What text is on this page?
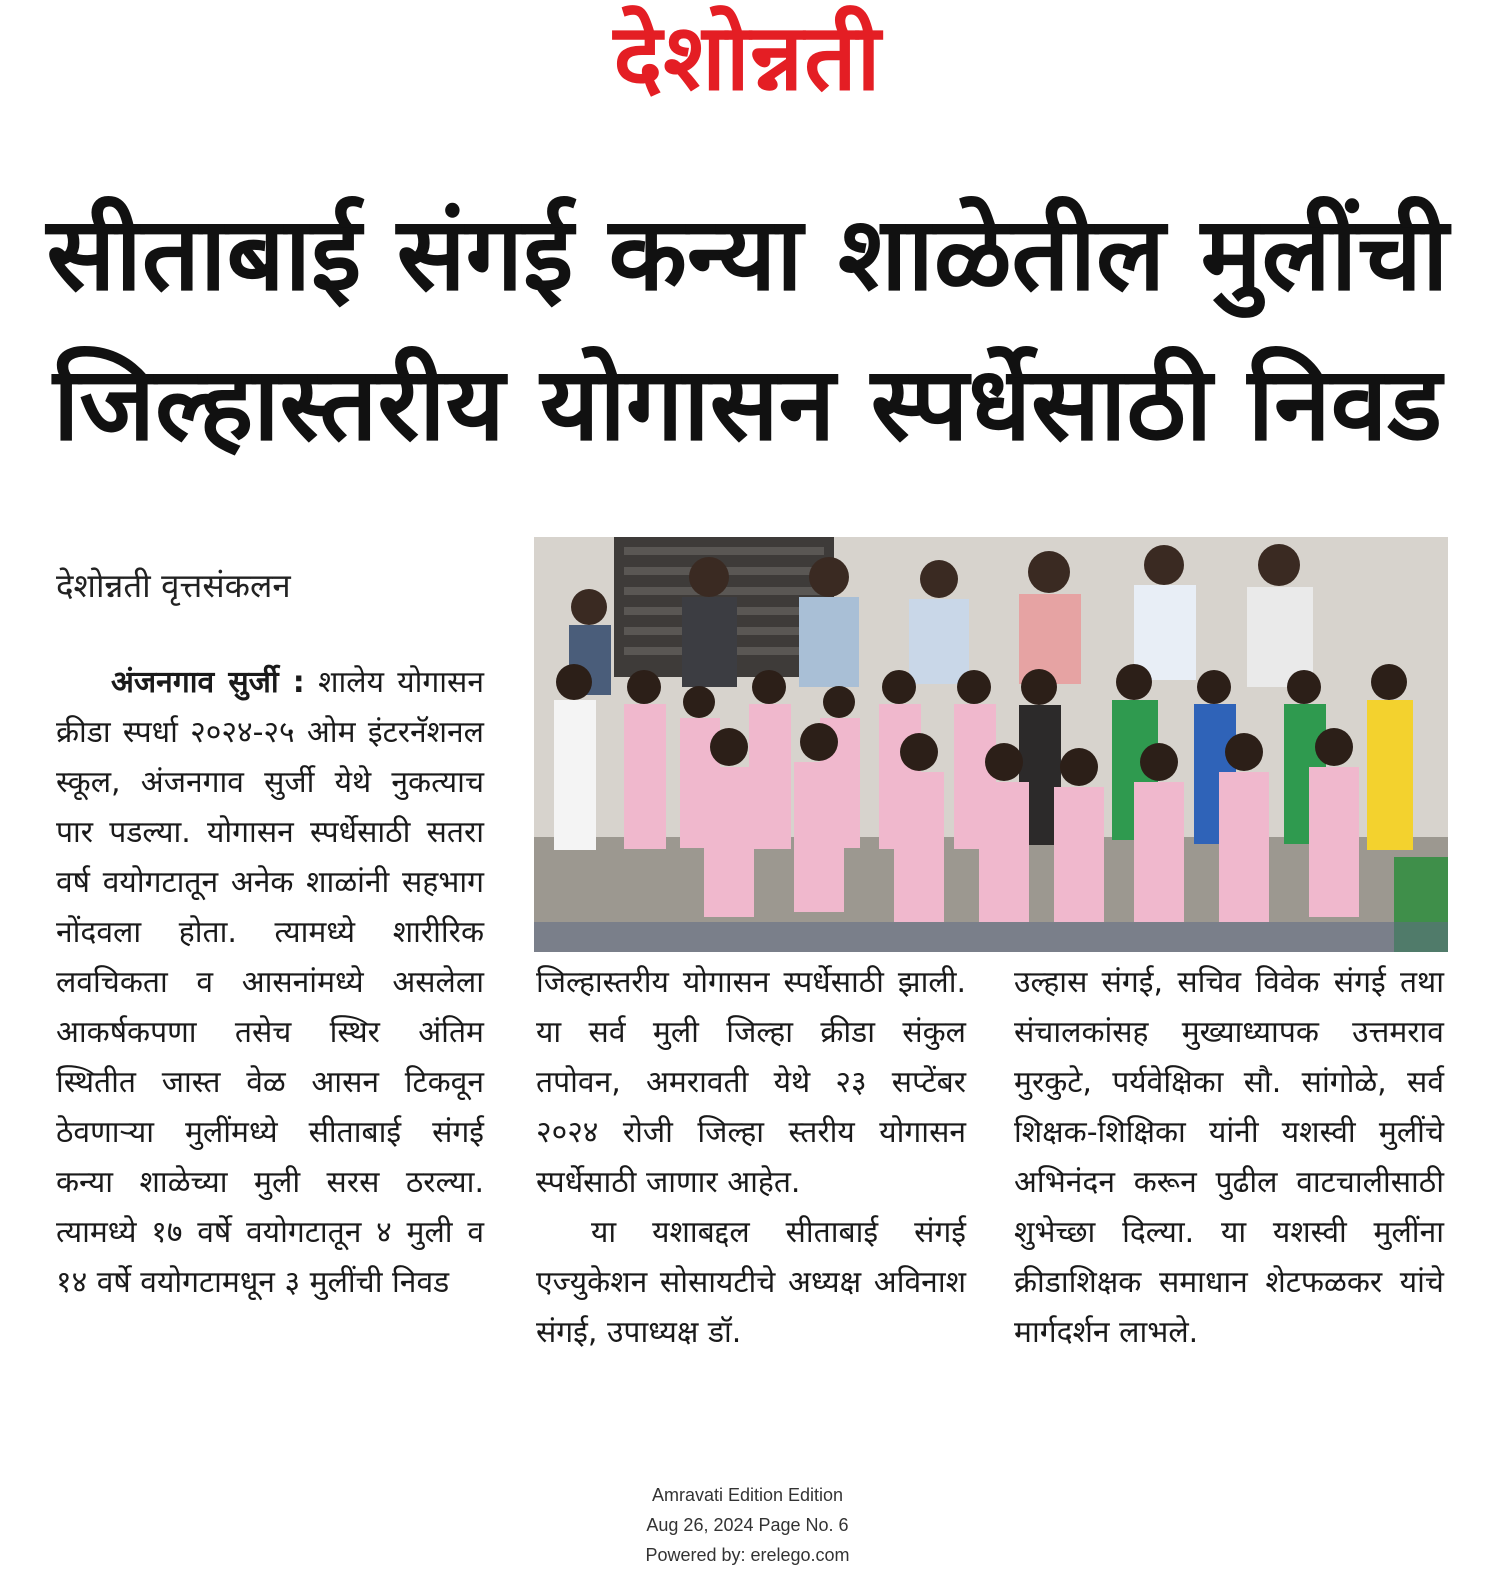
देशोन्नती
सीताबाई संगई कन्या शाळेतील मुलींची
जिल्हास्तरीय योगासन स्पर्धेसाठी निवड
देशोन्नती वृत्तसंकलन

अंजनगाव सुर्जी : शालेय योगासन क्रीडा स्पर्धा २०२४-२५ ओम इंटरनॅशनल स्कूल, अंजनगाव सुर्जी येथे नुकत्याच पार पडल्या. योगासन स्पर्धेसाठी सतरा वर्ष वयोगटातून अनेक शाळांनी सहभाग नोंदवला होता. त्यामध्ये शारीरिक लवचिकता व आसनांमध्ये असलेला आकर्षकपणा तसेच स्थिर अंतिम स्थितीत जास्त वेळ आसन टिकवून ठेवणाऱ्या मुलींमध्ये सीताबाई संगई कन्या शाळेच्या मुली सरस ठरल्या. त्यामध्ये १७ वर्षे वयोगटातून ४ मुली व १४ वर्षे वयोगटामधून ३ मुलींची निवड

जिल्हास्तरीय योगासन स्पर्धेसाठी झाली. या सर्व मुली जिल्हा क्रीडा संकुल तपोवन, अमरावती येथे २३ सप्टेंबर २०२४ रोजी जिल्हा स्तरीय योगासन स्पर्धेसाठी जाणार आहेत.

या यशाबद्दल सीताबाई संगई एज्युकेशन सोसायटीचे अध्यक्ष अविनाश संगई, उपाध्यक्ष डॉ.

उल्हास संगई, सचिव विवेक संगई तथा संचालकांसह मुख्याध्यापक उत्तमराव मुरकुटे, पर्यवेक्षिका सौ. सांगोळे, सर्व शिक्षक-शिक्षिका यांनी यशस्वी मुलींचे अभिनंदन करून पुढील वाटचालीसाठी शुभेच्छा दिल्या. या यशस्वी मुलींना क्रीडाशिक्षक समाधान शेटफळकर यांचे मार्गदर्शन लाभले.

Amravati Edition Edition
Aug 26, 2024 Page No. 6
Powered by: erelego.com
